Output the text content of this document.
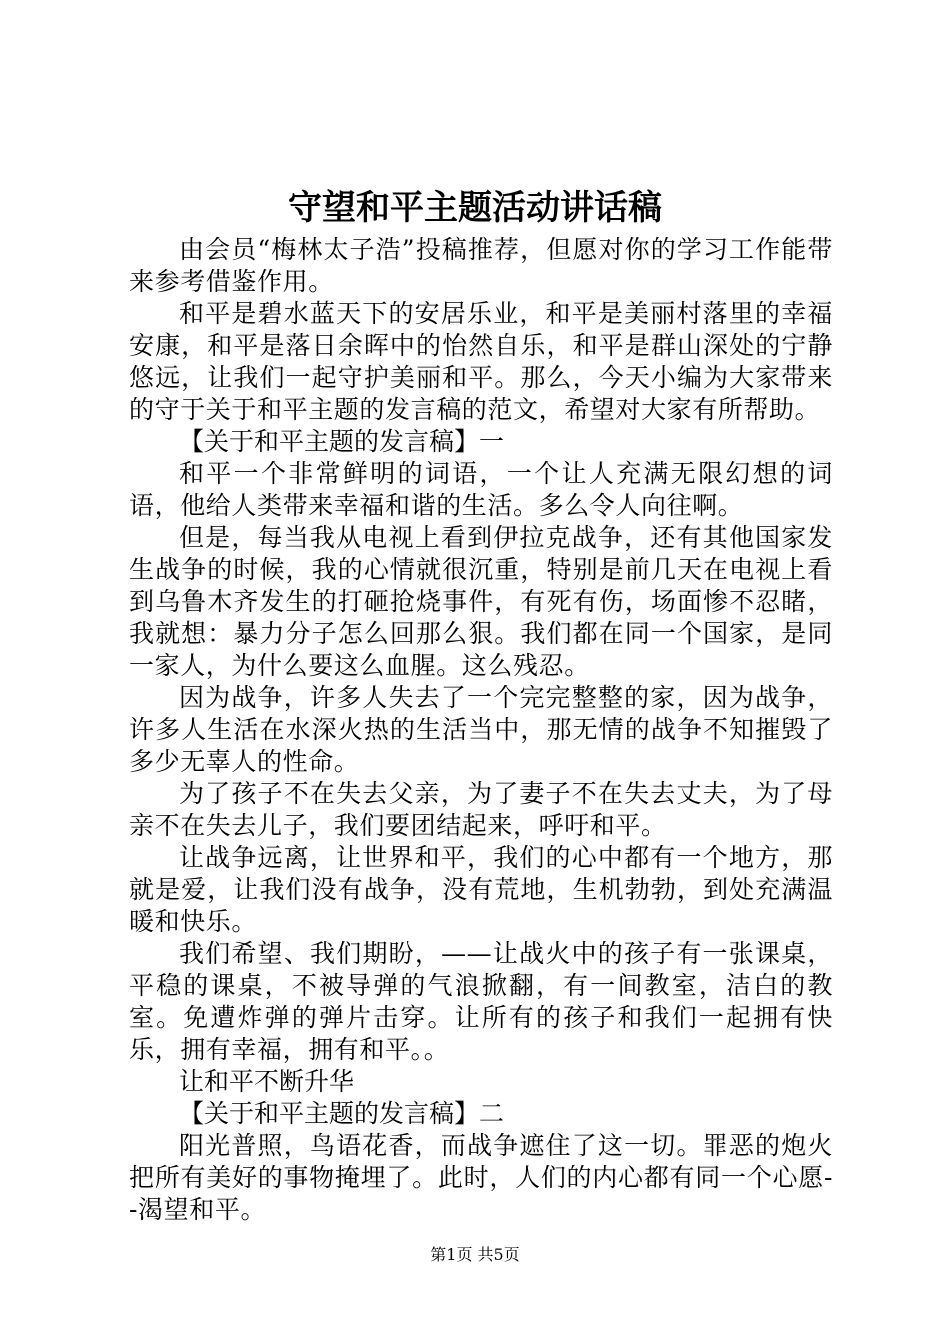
守望和平主题活动讲话稿

由会员“梅林太子浩”投稿推荐，但愿对你的学习工作能带来参考借鉴作用。

和平是碧水蓝天下的安居乐业，和平是美丽村落里的幸福安康，和平是落日余晖中的怡然自乐，和平是群山深处的宁静悠远，让我们一起守护美丽和平。那么，今天小编为大家带来的守于关于和平主题的发言稿的范文，希望对大家有所帮助。

【关于和平主题的发言稿】一

和平一个非常鲜明的词语，一个让人充满无限幻想的词语，他给人类带来幸福和谐的生活。多么令人向往啊。

但是，每当我从电视上看到伊拉克战争，还有其他国家发生战争的时候，我的心情就很沉重，特别是前几天在电视上看到乌鲁木齐发生的打砸抢烧事件，有死有伤，场面惨不忍睹，我就想：暴力分子怎么回那么狠。我们都在同一个国家，是同一家人，为什么要这么血腥。这么残忍。

因为战争，许多人失去了一个完完整整的家，因为战争，许多人生活在水深火热的生活当中，那无情的战争不知摧毁了多少无辜人的性命。

为了孩子不在失去父亲，为了妻子不在失去丈夫，为了母亲不在失去儿子，我们要团结起来，呼吁和平。

让战争远离，让世界和平，我们的心中都有一个地方，那就是爱，让我们没有战争，没有荒地，生机勃勃，到处充满温暖和快乐。

我们希望、我们期盼，——让战火中的孩子有一张课桌，平稳的课桌，不被导弹的气浪掀翻，有一间教室，洁白的教室。免遭炸弹的弹片击穿。让所有的孩子和我们一起拥有快乐，拥有幸福，拥有和平。。

让和平不断升华

【关于和平主题的发言稿】二

阳光普照，鸟语花香，而战争遮住了这一切。罪恶的炮火把所有美好的事物掩埋了。此时，人们的内心都有同一个心愿--渴望和平。

第1页 共5页
